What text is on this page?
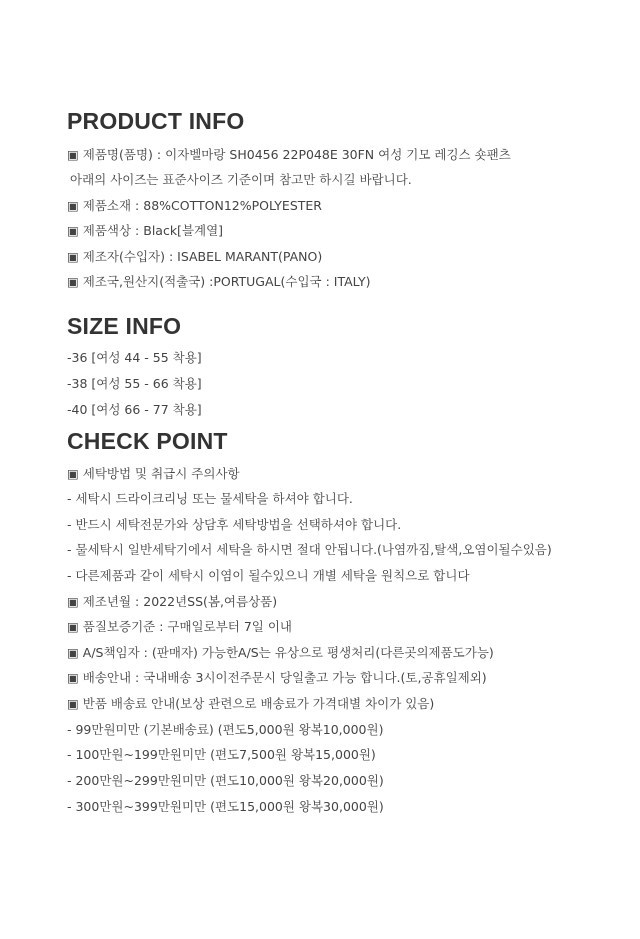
PRODUCT INFO
▣ 제품명(품명) : 이자벨마랑 SH0456 22P048E 30FN 여성 기모 레깅스 숏팬츠
아래의 사이즈는 표준사이즈 기준이며 참고만 하시길 바랍니다.
▣ 제품소재 : 88%COTTON12%POLYESTER
▣ 제품색상 : Black[블계열]
▣ 제조자(수입자) : ISABEL MARANT(PANO)
▣ 제조국,원산지(적출국) :PORTUGAL(수입국 : ITALY)
SIZE INFO
-36 [여성 44 - 55 착용]
-38 [여성 55 - 66 착용]
-40 [여성 66 - 77 착용]
CHECK POINT
▣ 세탁방법 및 취급시 주의사항
- 세탁시 드라이크리닝 또는 물세탁을 하셔야 합니다.
- 반드시 세탁전문가와 상담후 세탁방법을 선택하셔야 합니다.
- 물세탁시 일반세탁기에서 세탁을 하시면 절대 안됩니다.(나염까짐,탈색,오염이될수있음)
- 다른제품과 같이 세탁시 이염이 될수있으니 개별 세탁을 원칙으로 합니다
▣ 제조년월 : 2022년SS(봄,여름상품)
▣ 품질보증기준 : 구매일로부터 7일 이내
▣ A/S책임자 : (판매자) 가능한A/S는 유상으로 평생처리(다른곳의제품도가능)
▣ 배송안내 : 국내배송 3시이전주문시 당일출고 가능 합니다.(토,공휴일제외)
▣ 반품 배송료 안내(보상 관련으로 배송료가 가격대별 차이가 있음)
- 99만원미만 (기본배송료) (편도5,000원 왕복10,000원)
- 100만원~199만원미만 (편도7,500원 왕복15,000원)
- 200만원~299만원미만 (편도10,000원 왕복20,000원)
- 300만원~399만원미만 (편도15,000원 왕복30,000원)
